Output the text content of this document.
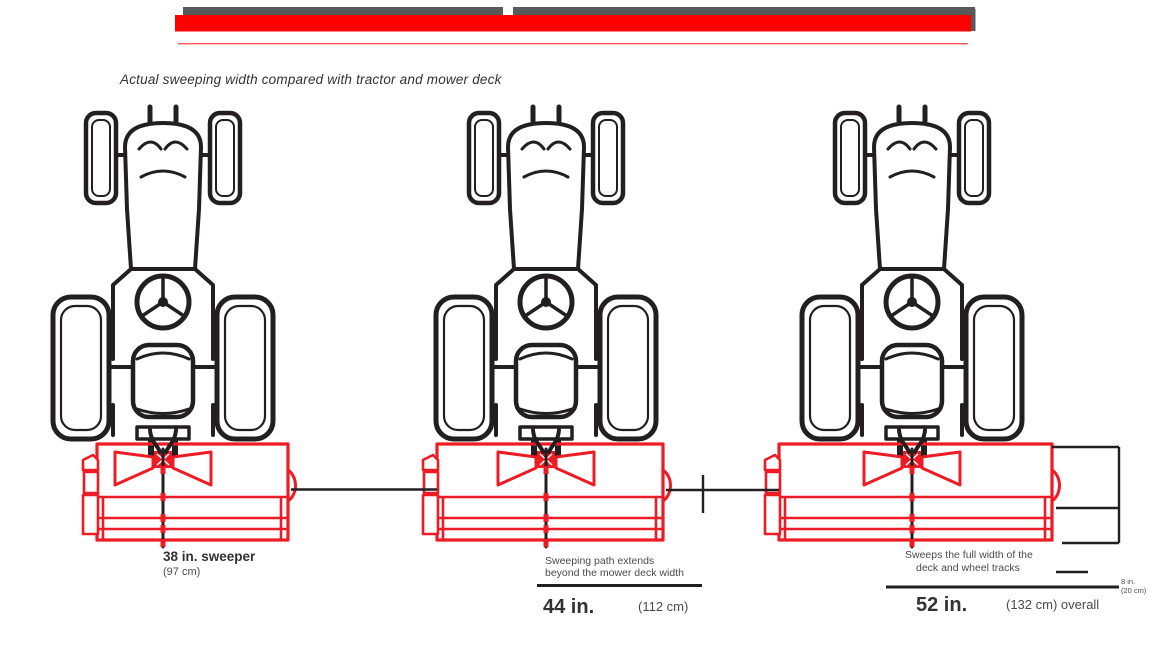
Actual sweeping width compared with tractor and mower deck
38 in. sweeper
(97 cm)
Sweeping path extends
beyond the mower deck width
44 in.	(112 cm)
Sweeps the full width of the
deck and wheel tracks
52 in.	(132 cm) overall
8 in.
(20 cm)
